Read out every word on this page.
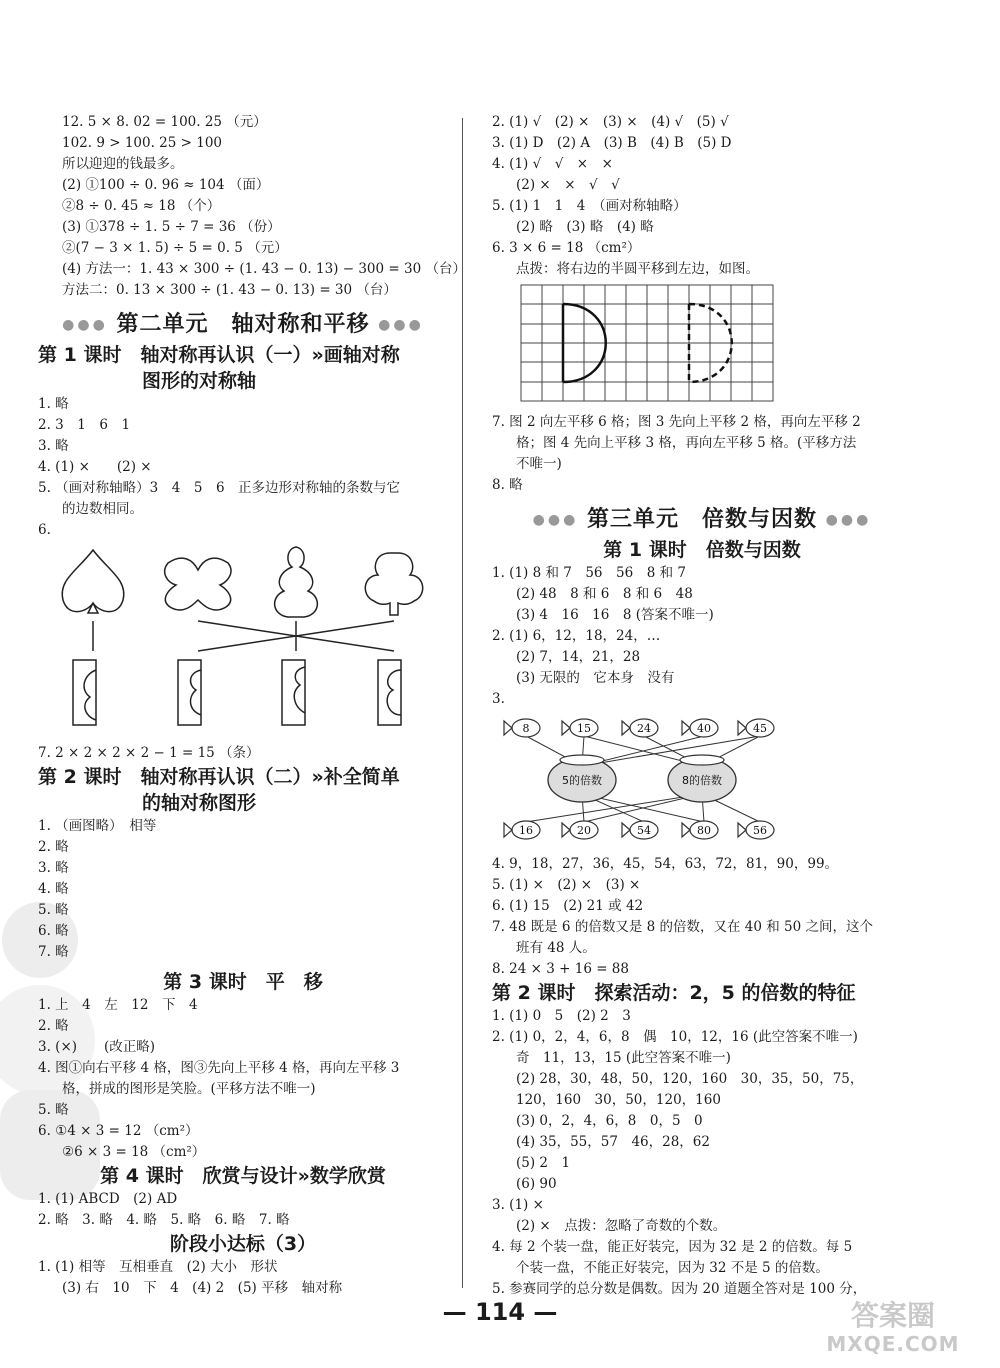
12. 5 × 8. 02 = 100. 25 （元）
102. 9 > 100. 25 > 100
所以迎迎的钱最多。
(2) ①100 ÷ 0. 96 ≈ 104 （面）
②8 ÷ 0. 45 ≈ 18 （个）
(3) ①378 ÷ 1. 5 ÷ 7 = 36 （份）
②(7 − 3 × 1. 5) ÷ 5 = 0. 5 （元）
(4) 方法一：1. 43 × 300 ÷ (1. 43 − 0. 13) − 300 = 30 （台）
方法二：0. 13 × 300 ÷ (1. 43 − 0. 13) = 30 （台）
●●● 第二单元　轴对称和平移 ●●●
第 1 课时　轴对称再认识（一）»画轴对称
图形的对称轴
1. 略
2. 3　1　6　1
3. 略
4. (1) ×　　(2) ×
5. （画对称轴略）3　4　5　6　正多边形对称轴的条数与它
的边数相同。
6.
7. 2 × 2 × 2 × 2 − 1 = 15 （条）
第 2 课时　轴对称再认识（二）»补全简单
的轴对称图形
1. （画图略）　相等
2. 略
3. 略
4. 略
5. 略
6. 略
7. 略
第 3 课时　平　移
1. 上　4　左　12　下　4
2. 略
3. (×)　　(改正略)
4. 图①向右平移 4 格，图③先向上平移 4 格，再向左平移 3
格，拼成的图形是笑脸。(平移方法不唯一)
5. 略
6. ①4 × 3 = 12 （cm²）
②6 × 3 = 18 （cm²）
第 4 课时　欣赏与设计»数学欣赏
1. (1) ABCD　(2) AD
2. 略　3. 略　4. 略　5. 略　6. 略　7. 略
阶段小达标（3）
1. (1) 相等　互相垂直　(2) 大小　形状
(3) 右　10　下　4　(4) 2　(5) 平移　轴对称
2. (1) √　(2) ×　(3) ×　(4) √　(5) √
3. (1) D　(2) A　(3) B　(4) B　(5) D
4. (1) √　√　×　×
(2) ×　×　√　√
5. (1) 1　1　4　（画对称轴略）
(2) 略　(3) 略　(4) 略
6. 3 × 6 = 18 （cm²）
点拨：将右边的半圆平移到左边，如图。
7. 图 2 向左平移 6 格；图 3 先向上平移 2 格，再向左平移 2
格；图 4 先向上平移 3 格，再向左平移 5 格。(平移方法
不唯一)
8. 略
●●● 第三单元　倍数与因数 ●●●
第 1 课时　倍数与因数
1. (1) 8 和 7　56　56　8 和 7
(2) 48　8 和 6　8 和 6　48
(3) 4　16　16　8 (答案不唯一)
2. (1) 6，12，18，24，…
(2) 7，14，21，28
(3) 无限的　它本身　没有
3.
8	15	24	40	45
16	20	54	80	56
5的倍数	8的倍数
4. 9，18，27，36，45，54，63，72，81，90，99。
5. (1) ×　(2) ×　(3) ×
6. (1) 15　(2) 21 或 42
7. 48 既是 6 的倍数又是 8 的倍数，又在 40 和 50 之间，这个
班有 48 人。
8. 24 × 3 + 16 = 88
第 2 课时　探索活动：2，5 的倍数的特征
1. (1) 0　5　(2) 2　3
2. (1) 0，2，4，6，8　偶　10，12，16 (此空答案不唯一)
奇　11，13，15 (此空答案不唯一)
(2) 28，30，48，50，120，160　30，35，50，75，
120，160　30，50，120，160
(3) 0，2，4，6，8　0，5　0
(4) 35，55，57　46，28，62
(5) 2　1
(6) 90
3. (1) ×
(2) ×　点拨：忽略了奇数的个数。
4. 每 2 个装一盘，能正好装完，因为 32 是 2 的倍数。每 5
个装一盘，不能正好装完，因为 32 不是 5 的倍数。
5. 参赛同学的总分数是偶数。因为 20 道题全答对是 100 分，
— 114 —	答案圈
MXQE.COM
